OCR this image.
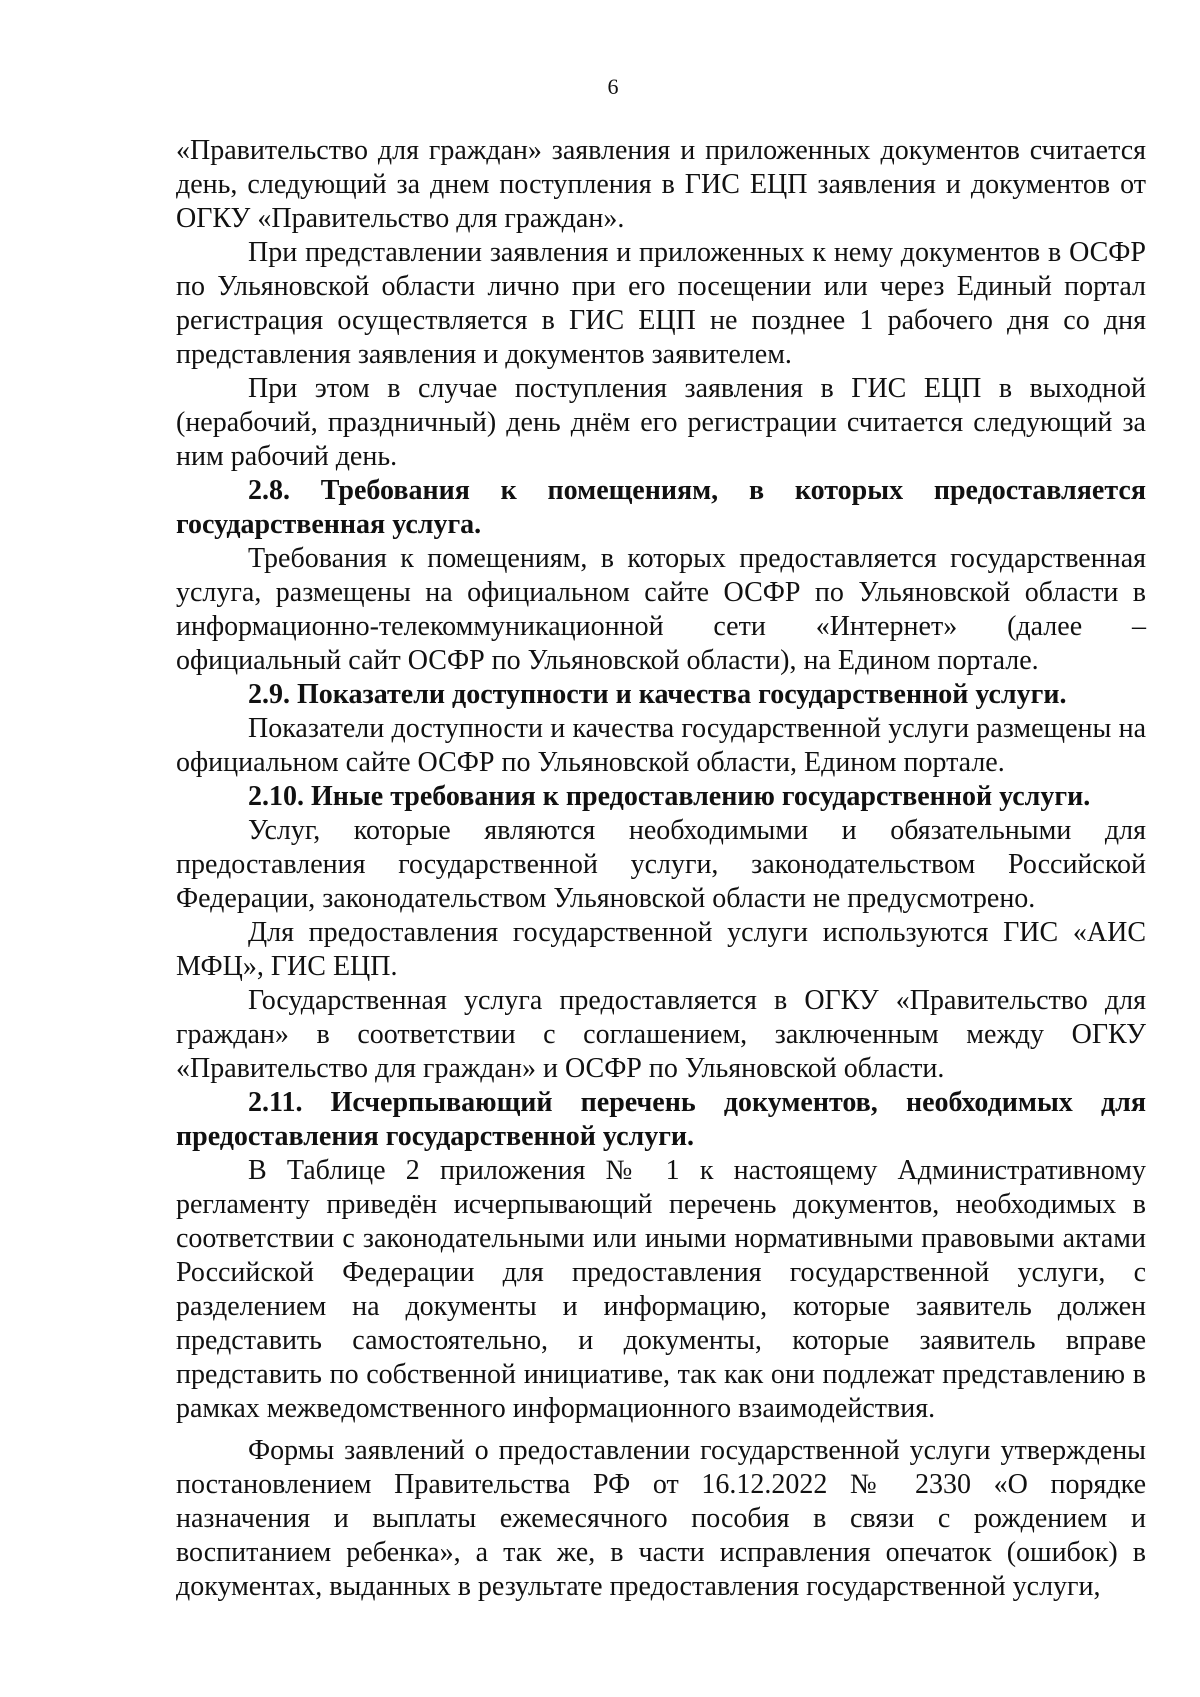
6

«Правительство для граждан» заявления и приложенных документов считается день, следующий за днем поступления в ГИС ЕЦП заявления и документов от ОГКУ «Правительство для граждан».

При представлении заявления и приложенных к нему документов в ОСФР по Ульяновской области лично при его посещении или через Единый портал регистрация осуществляется в ГИС ЕЦП не позднее 1 рабочего дня со дня представления заявления и документов заявителем.

При этом в случае поступления заявления в ГИС ЕЦП в выходной (нерабочий, праздничный) день днём его регистрации считается следующий за ним рабочий день.

2.8. Требования к помещениям, в которых предоставляется государственная услуга.

Требования к помещениям, в которых предоставляется государственная услуга, размещены на официальном сайте ОСФР по Ульяновской области в информационно-телекоммуникационной сети «Интернет» (далее – официальный сайт ОСФР по Ульяновской области), на Едином портале.

2.9. Показатели доступности и качества государственной услуги.

Показатели доступности и качества государственной услуги размещены на официальном сайте ОСФР по Ульяновской области, Едином портале.

2.10. Иные требования к предоставлению государственной услуги.

Услуг, которые являются необходимыми и обязательными для предоставления государственной услуги, законодательством Российской Федерации, законодательством Ульяновской области не предусмотрено.

Для предоставления государственной услуги используются ГИС «АИС МФЦ», ГИС ЕЦП.

Государственная услуга предоставляется в ОГКУ «Правительство для граждан» в соответствии с соглашением, заключенным между ОГКУ «Правительство для граждан» и ОСФР по Ульяновской области.

2.11. Исчерпывающий перечень документов, необходимых для предоставления государственной услуги.

В Таблице 2 приложения № 1 к настоящему Административному регламенту приведён исчерпывающий перечень документов, необходимых в соответствии с законодательными или иными нормативными правовыми актами Российской Федерации для предоставления государственной услуги, с разделением на документы и информацию, которые заявитель должен представить самостоятельно, и документы, которые заявитель вправе представить по собственной инициативе, так как они подлежат представлению в рамках межведомственного информационного взаимодействия.

Формы заявлений о предоставлении государственной услуги утверждены постановлением Правительства РФ от 16.12.2022 № 2330 «О порядке назначения и выплаты ежемесячного пособия в связи с рождением и воспитанием ребенка», а так же, в части исправления опечаток (ошибок) в документах, выданных в результате предоставления государственной услуги,
